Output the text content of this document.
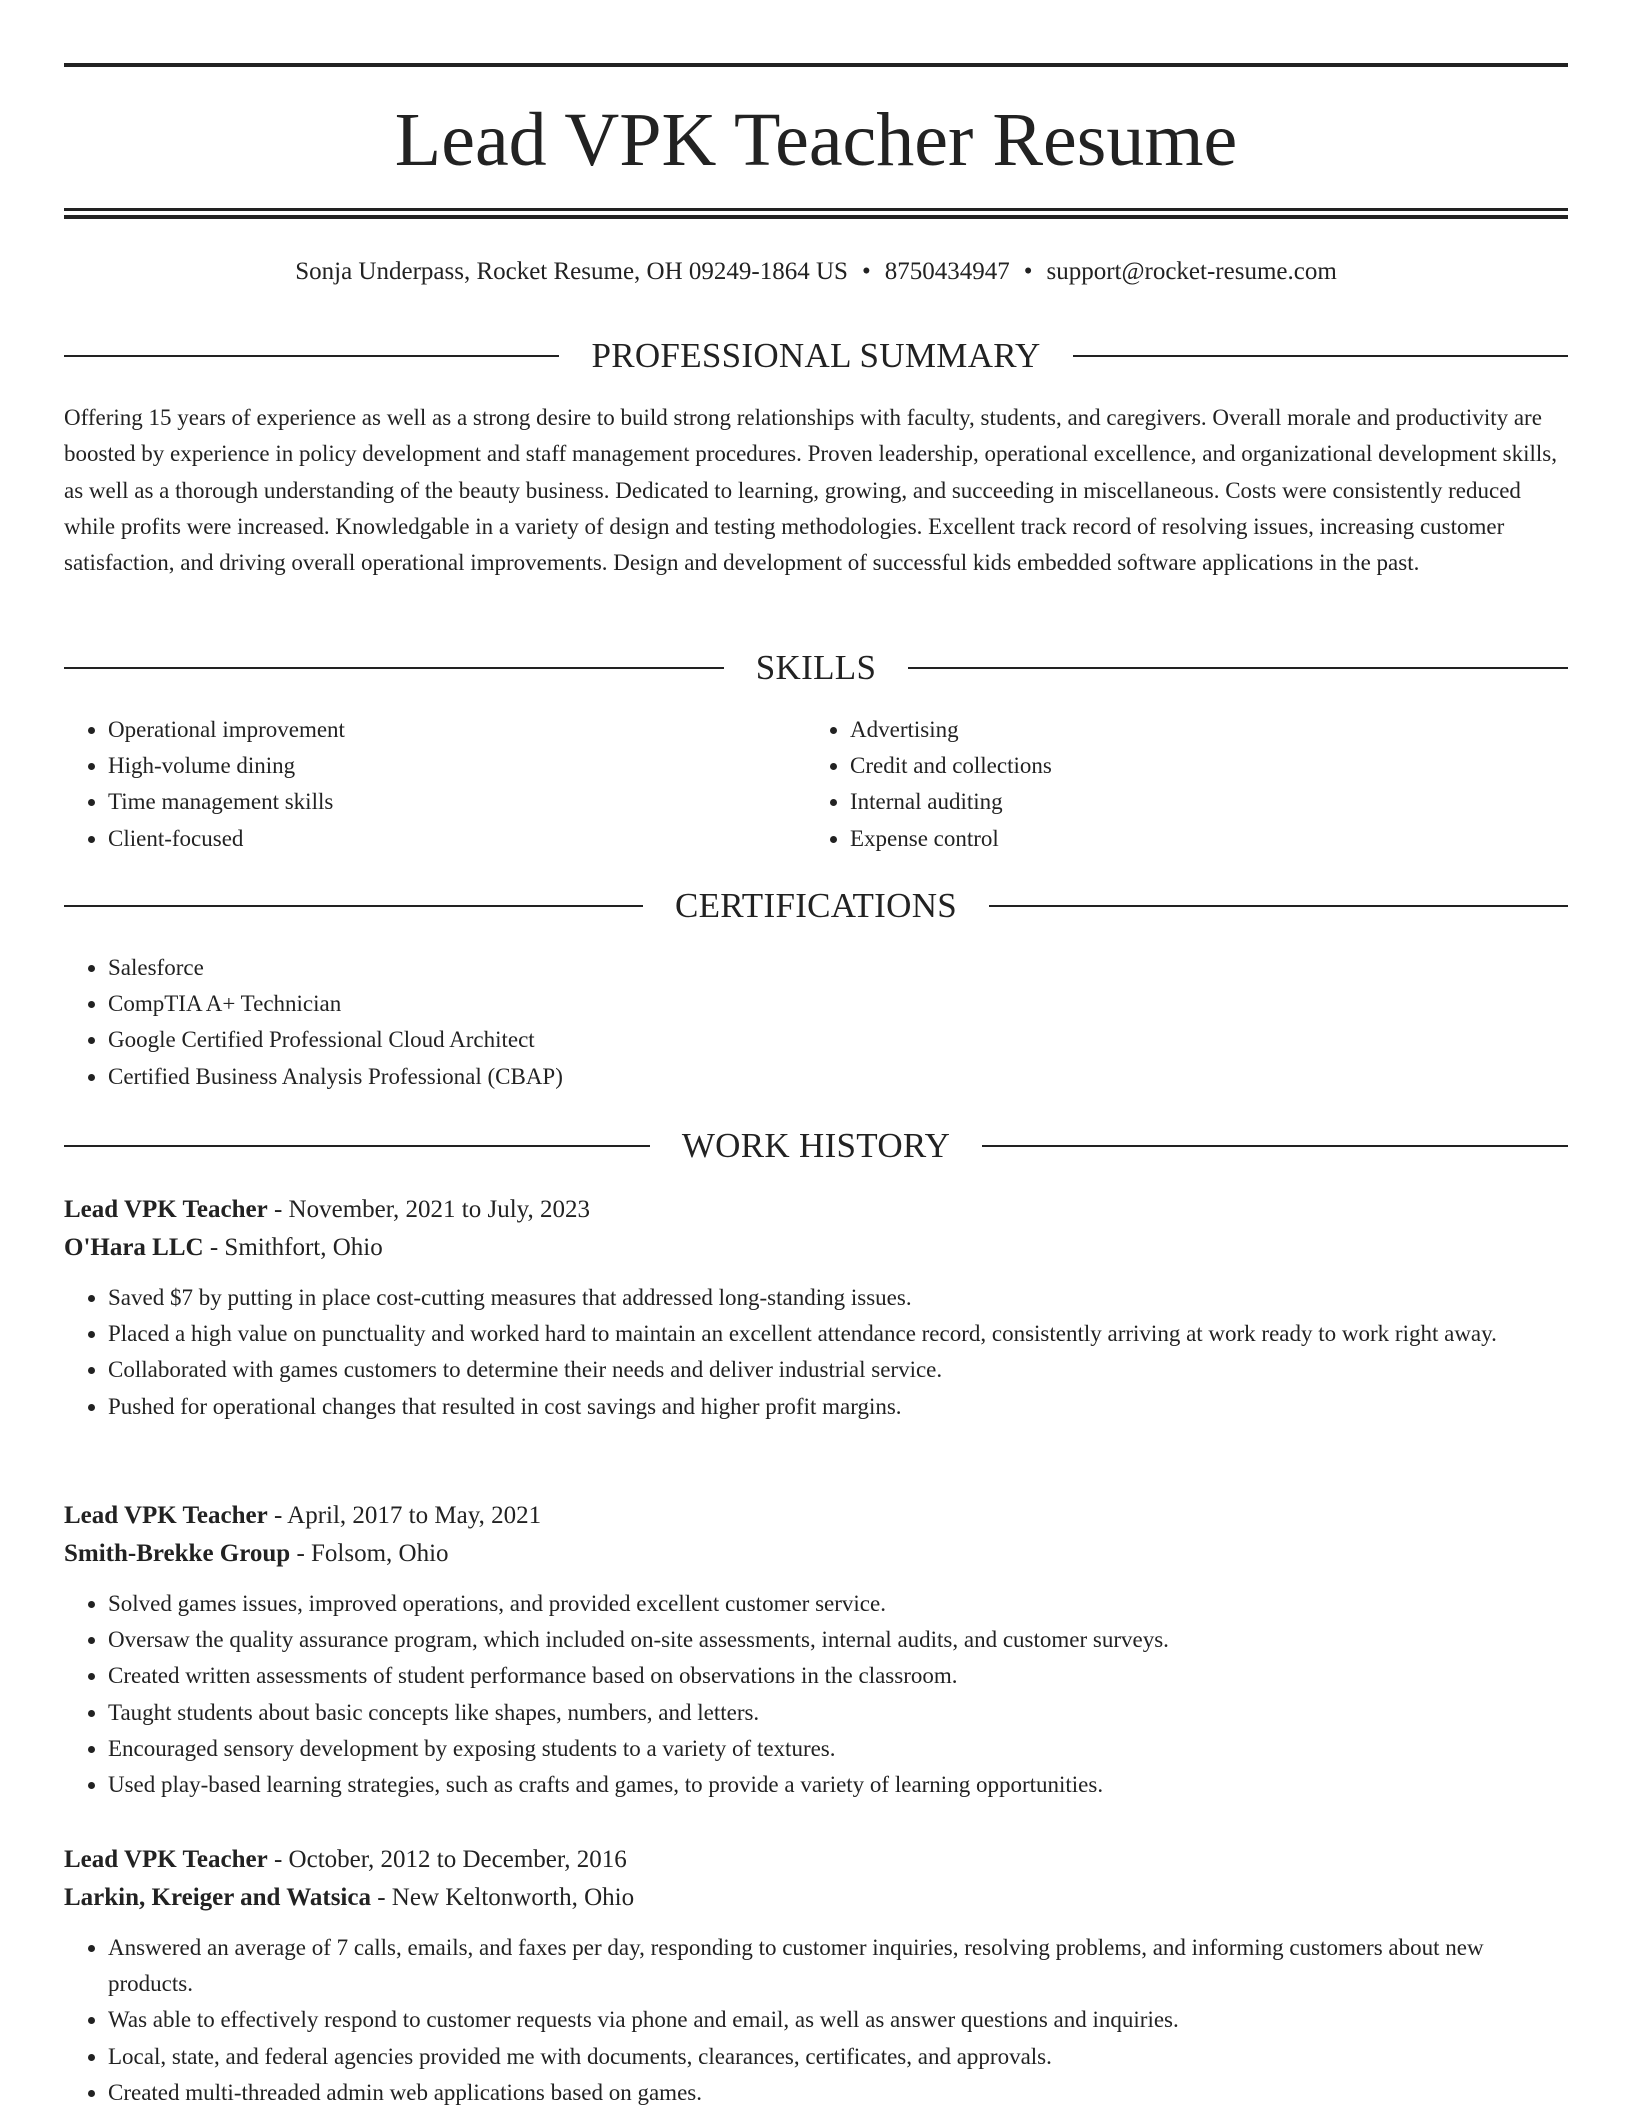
Lead VPK Teacher Resume
Sonja Underpass, Rocket Resume, OH 09249-1864 US • 8750434947 • support@rocket-resume.com
PROFESSIONAL SUMMARY

Offering 15 years of experience as well as a strong desire to build strong relationships with faculty, students, and caregivers. Overall morale and productivity are boosted by experience in policy development and staff management procedures. Proven leadership, operational excellence, and organizational development skills, as well as a thorough understanding of the beauty business. Dedicated to learning, growing, and succeeding in miscellaneous. Costs were consistently reduced while profits were increased. Knowledgable in a variety of design and testing methodologies. Excellent track record of resolving issues, increasing customer satisfaction, and driving overall operational improvements. Design and development of successful kids embedded software applications in the past.

SKILLS
• Operational improvement
• High-volume dining
• Time management skills
• Client-focused
• Advertising
• Credit and collections
• Internal auditing
• Expense control
CERTIFICATIONS
• Salesforce
• CompTIA A+ Technician
• Google Certified Professional Cloud Architect
• Certified Business Analysis Professional (CBAP)
WORK HISTORY
Lead VPK Teacher - November, 2021 to July, 2023
O'Hara LLC - Smithfort, Ohio
• Saved $7 by putting in place cost-cutting measures that addressed long-standing issues.
• Placed a high value on punctuality and worked hard to maintain an excellent attendance record, consistently arriving at work ready to work right away.
• Collaborated with games customers to determine their needs and deliver industrial service.
• Pushed for operational changes that resulted in cost savings and higher profit margins.
Lead VPK Teacher - April, 2017 to May, 2021
Smith-Brekke Group - Folsom, Ohio
• Solved games issues, improved operations, and provided excellent customer service.
• Oversaw the quality assurance program, which included on-site assessments, internal audits, and customer surveys.
• Created written assessments of student performance based on observations in the classroom.
• Taught students about basic concepts like shapes, numbers, and letters.
• Encouraged sensory development by exposing students to a variety of textures.
• Used play-based learning strategies, such as crafts and games, to provide a variety of learning opportunities.
Lead VPK Teacher - October, 2012 to December, 2016
Larkin, Kreiger and Watsica - New Keltonworth, Ohio
• Answered an average of 7 calls, emails, and faxes per day, responding to customer inquiries, resolving problems, and informing customers about new products.
• Was able to effectively respond to customer requests via phone and email, as well as answer questions and inquiries.
• Local, state, and federal agencies provided me with documents, clearances, certificates, and approvals.
• Created multi-threaded admin web applications based on games.
